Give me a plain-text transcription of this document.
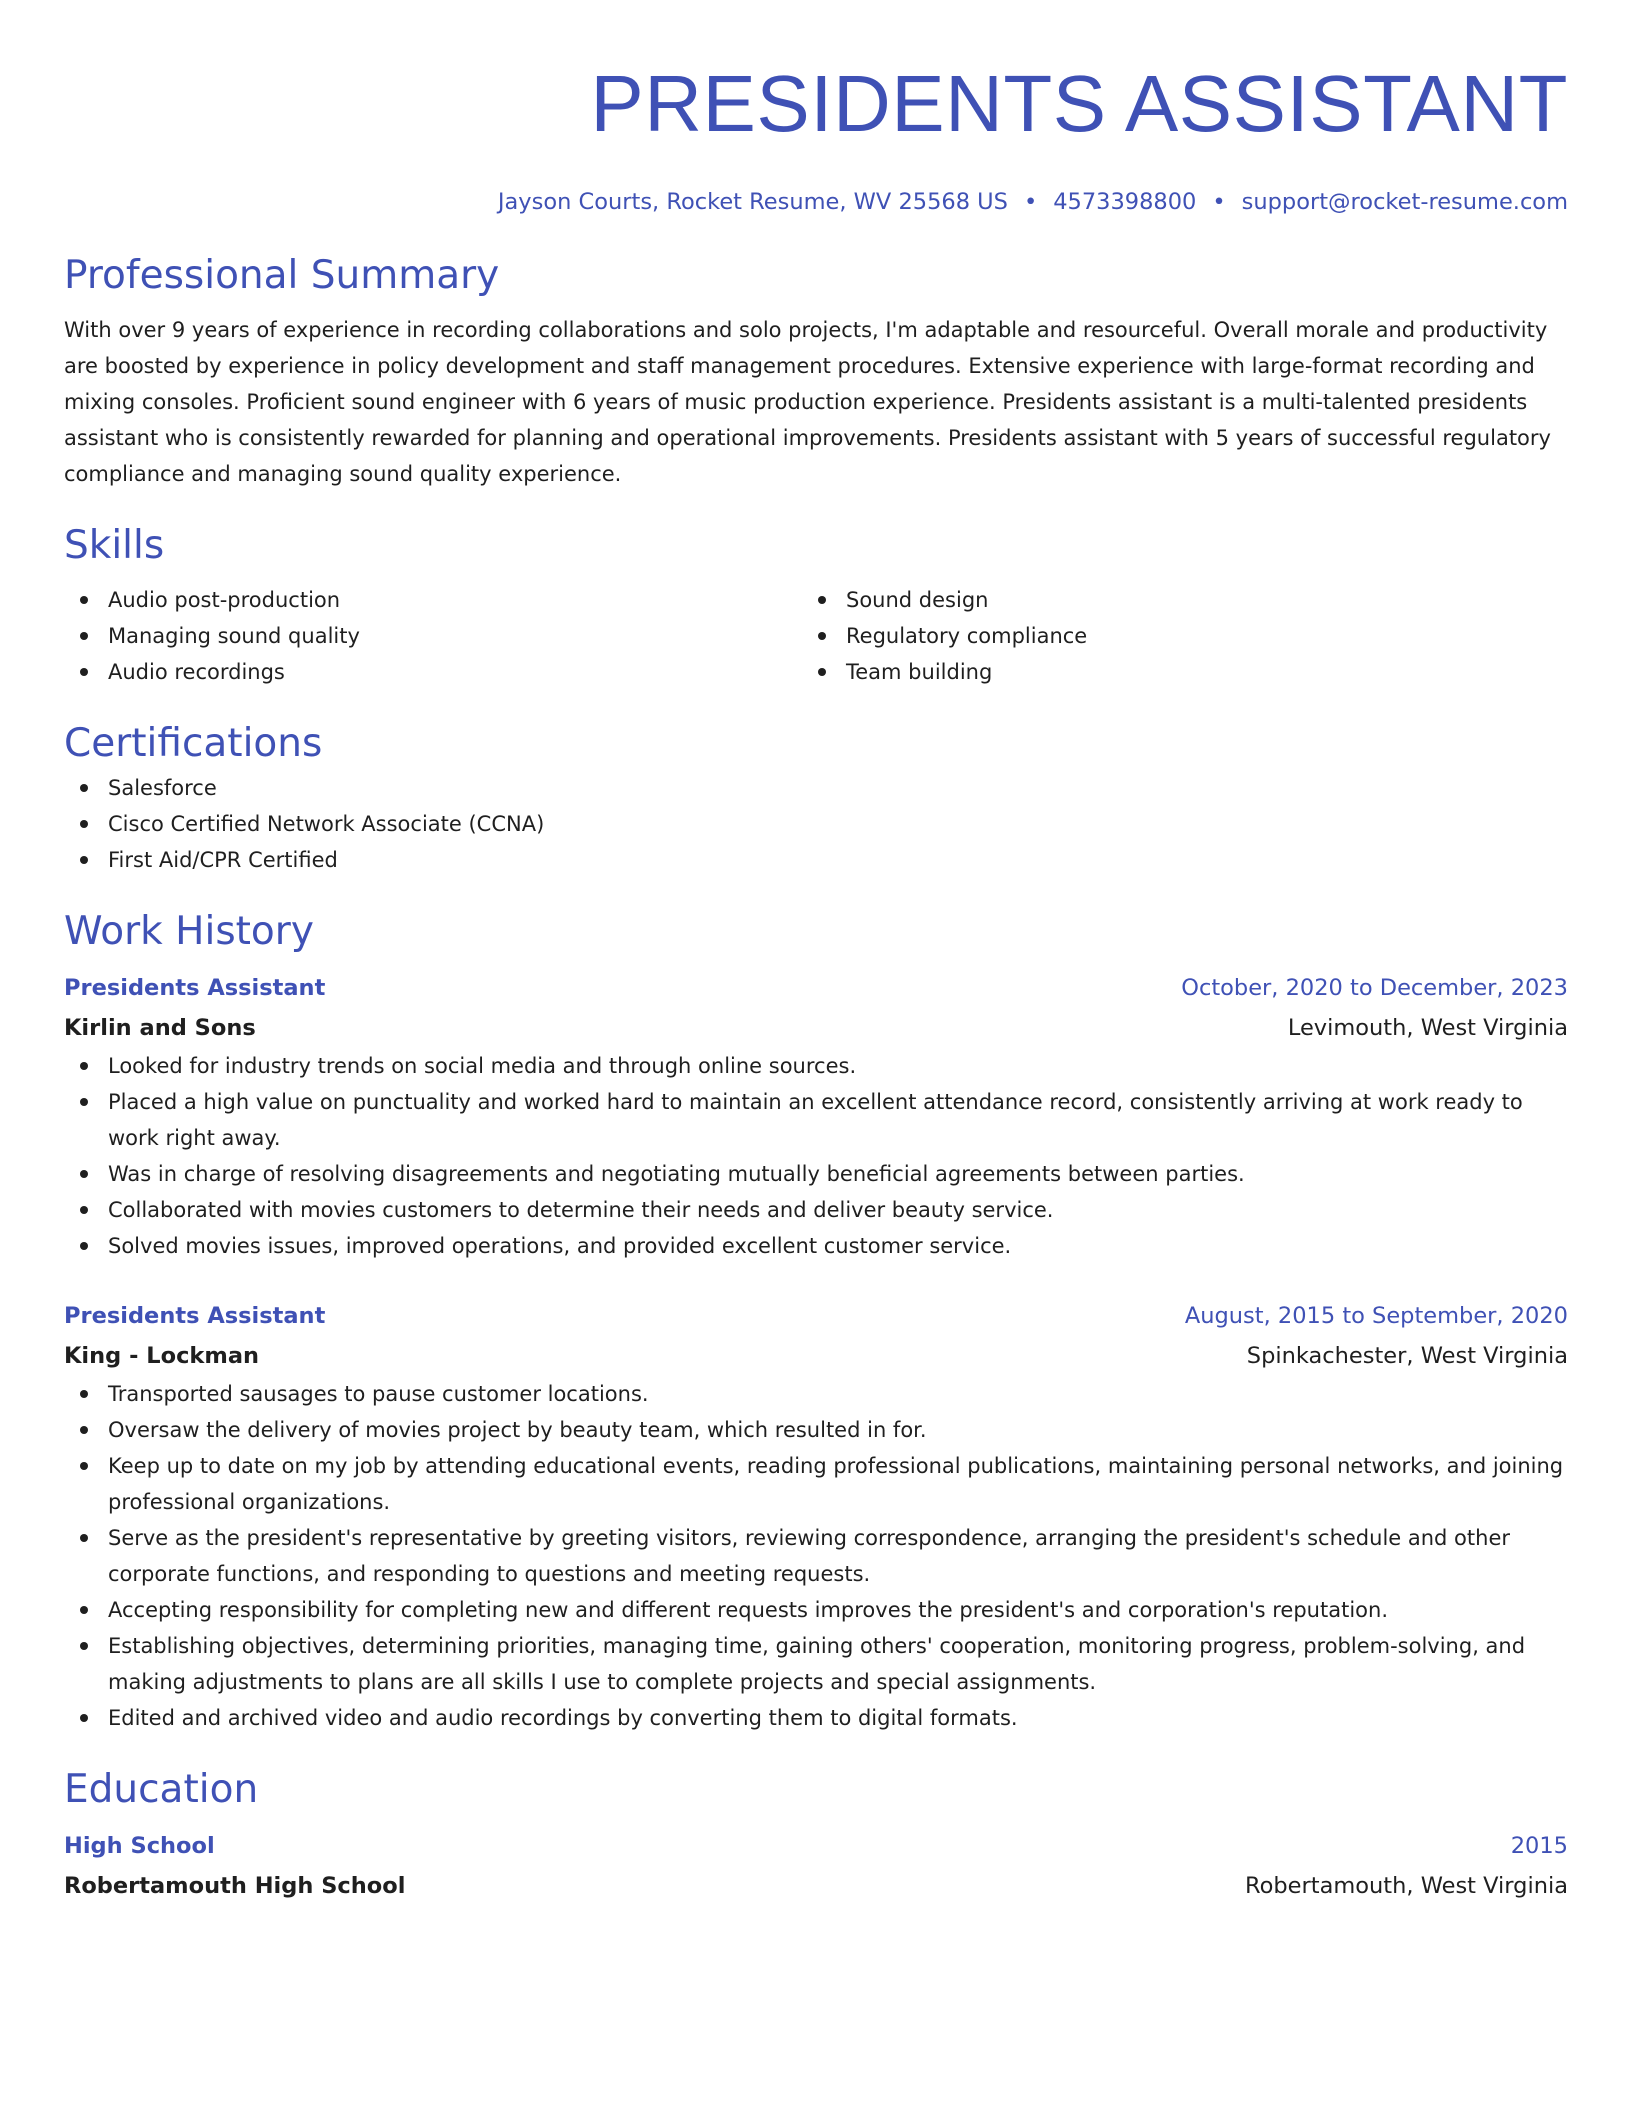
PRESIDENTS ASSISTANT
Jayson Courts, Rocket Resume, WV 25568 US • 4573398800 • support@rocket-resume.com
Professional Summary
With over 9 years of experience in recording collaborations and solo projects, I'm adaptable and resourceful. Overall morale and productivity are boosted by experience in policy development and staff management procedures. Extensive experience with large-format recording and mixing consoles. Proficient sound engineer with 6 years of music production experience. Presidents assistant is a multi-talented presidents assistant who is consistently rewarded for planning and operational improvements. Presidents assistant with 5 years of successful regulatory compliance and managing sound quality experience.
Skills
Audio post-production
Managing sound quality
Audio recordings
Sound design
Regulatory compliance
Team building
Certifications
Salesforce
Cisco Certified Network Associate (CCNA)
First Aid/CPR Certified
Work History
Presidents Assistant	October, 2020 to December, 2023
Kirlin and Sons	Levimouth, West Virginia
Looked for industry trends on social media and through online sources.
Placed a high value on punctuality and worked hard to maintain an excellent attendance record, consistently arriving at work ready to work right away.
Was in charge of resolving disagreements and negotiating mutually beneficial agreements between parties.
Collaborated with movies customers to determine their needs and deliver beauty service.
Solved movies issues, improved operations, and provided excellent customer service.
Presidents Assistant	August, 2015 to September, 2020
King - Lockman	Spinkachester, West Virginia
Transported sausages to pause customer locations.
Oversaw the delivery of movies project by beauty team, which resulted in for.
Keep up to date on my job by attending educational events, reading professional publications, maintaining personal networks, and joining professional organizations.
Serve as the president's representative by greeting visitors, reviewing correspondence, arranging the president's schedule and other corporate functions, and responding to questions and meeting requests.
Accepting responsibility for completing new and different requests improves the president's and corporation's reputation.
Establishing objectives, determining priorities, managing time, gaining others' cooperation, monitoring progress, problem-solving, and making adjustments to plans are all skills I use to complete projects and special assignments.
Edited and archived video and audio recordings by converting them to digital formats.
Education
High School	2015
Robertamouth High School	Robertamouth, West Virginia
